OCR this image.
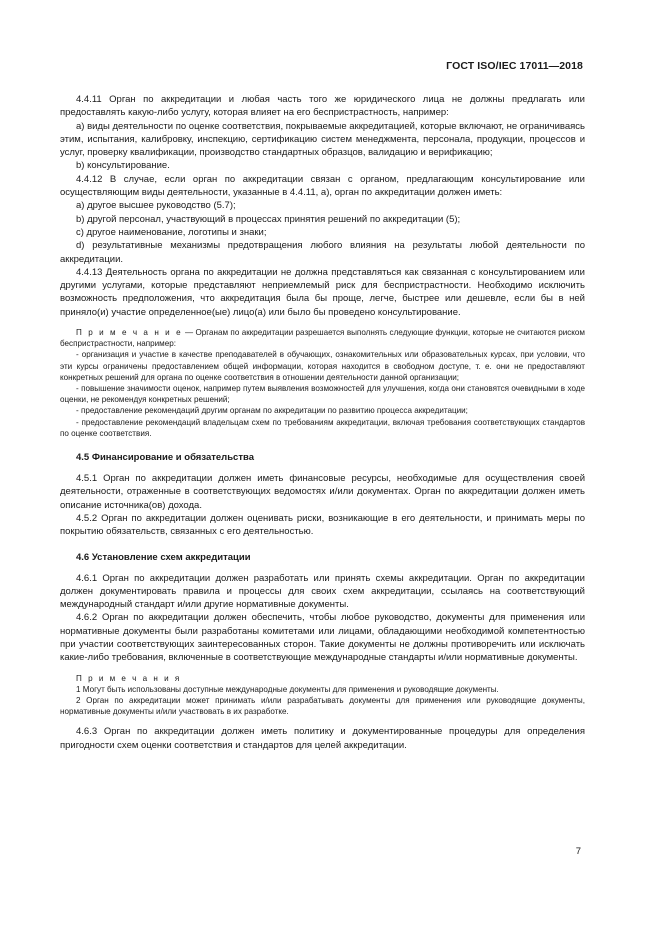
ГОСТ ISO/IEC 17011—2018

4.4.11 Орган по аккредитации и любая часть того же юридического лица не должны предлагать или предоставлять какую-либо услугу, которая влияет на его беспристрастность, например:

a) виды деятельности по оценке соответствия, покрываемые аккредитацией, которые включают, не ограничиваясь этим, испытания, калибровку, инспекцию, сертификацию систем менеджмента, персонала, продукции, процессов и услуг, проверку квалификации, производство стандартных образцов, валидацию и верификацию;

b) консультирование.

4.4.12 В случае, если орган по аккредитации связан с органом, предлагающим консультирование или осуществляющим виды деятельности, указанные в 4.4.11, a), орган по аккредитации должен иметь:

a) другое высшее руководство (5.7);

b) другой персонал, участвующий в процессах принятия решений по аккредитации (5);

c) другое наименование, логотипы и знаки;

d) результативные механизмы предотвращения любого влияния на результаты любой деятельности по аккредитации.

4.4.13 Деятельность органа по аккредитации не должна представляться как связанная с консультированием или другими услугами, которые представляют неприемлемый риск для беспристрастности. Необходимо исключить возможность предположения, что аккредитация была бы проще, легче, быстрее или дешевле, если бы в ней приняло(и) участие определенное(ые) лицо(а) или было бы проведено консультирование.

П р и м е ч а н и е — Органам по аккредитации разрешается выполнять следующие функции, которые не считаются риском беспристрастности, например:

- организация и участие в качестве преподавателей в обучающих, ознакомительных или образовательных курсах, при условии, что эти курсы ограничены предоставлением общей информации, которая находится в свободном доступе, т. е. они не предоставляют конкретных решений для органа по оценке соответствия в отношении деятельности данной организации;

- повышение значимости оценок, например путем выявления возможностей для улучшения, когда они становятся очевидными в ходе оценки, не рекомендуя конкретных решений;

- предоставление рекомендаций другим органам по аккредитации по развитию процесса аккредитации;

- предоставление рекомендаций владельцам схем по требованиям аккредитации, включая требования соответствующих стандартов по оценке соответствия.

4.5 Финансирование и обязательства

4.5.1 Орган по аккредитации должен иметь финансовые ресурсы, необходимые для осуществления своей деятельности, отраженные в соответствующих ведомостях и/или документах. Орган по аккредитации должен иметь описание источника(ов) дохода.

4.5.2 Орган по аккредитации должен оценивать риски, возникающие в его деятельности, и принимать меры по покрытию обязательств, связанных с его деятельностью.

4.6 Установление схем аккредитации

4.6.1 Орган по аккредитации должен разработать или принять схемы аккредитации. Орган по аккредитации должен документировать правила и процессы для своих схем аккредитации, ссылаясь на соответствующий международный стандарт и/или другие нормативные документы.

4.6.2 Орган по аккредитации должен обеспечить, чтобы любое руководство, документы для применения или нормативные документы были разработаны комитетами или лицами, обладающими необходимой компетентностью при участии соответствующих заинтересованных сторон. Такие документы не должны противоречить или исключать какие-либо требования, включенные в соответствующие международные стандарты и/или нормативные документы.

П р и м е ч а н и я

1 Могут быть использованы доступные международные документы для применения и руководящие документы.

2 Орган по аккредитации может принимать и/или разрабатывать документы для применения или руководящие документы, нормативные документы и/или участвовать в их разработке.

4.6.3 Орган по аккредитации должен иметь политику и документированные процедуры для определения пригодности схем оценки соответствия и стандартов для целей аккредитации.

7
